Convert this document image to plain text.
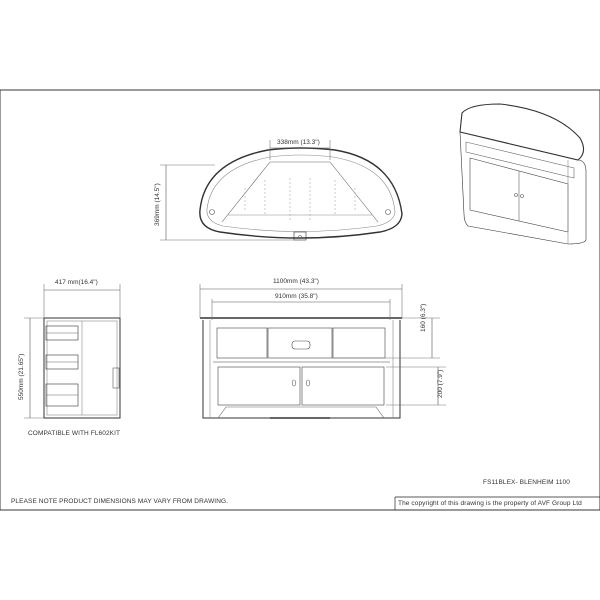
338mm (13.3")
369mm (14.5")
417 mm(16.4")
550mm (21.65")
1100mm (43.3")
910mm (35.8")
160 (6.3")
200 (7.9")
COMPATIBLE WITH FL602KIT
FS11BLEX- BLENHEIM 1100
PLEASE NOTE PRODUCT DIMENSIONS MAY VARY FROM DRAWING.	The copyright of this drawing is the property of AVF Group Ltd
